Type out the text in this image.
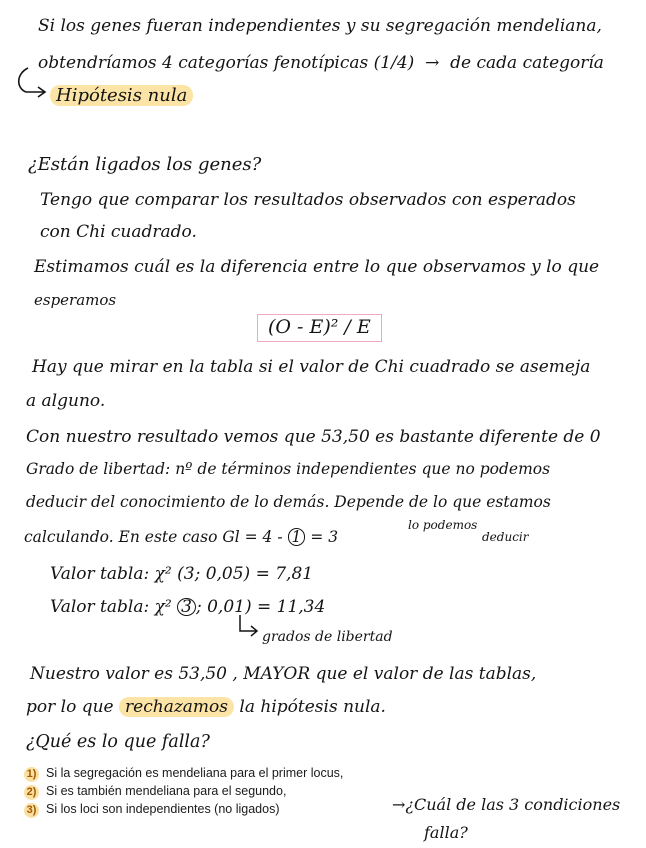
Si los genes fueran independientes y su segregación mendeliana,
obtendríamos 4 categorías fenotípicas (1/4)  →  de cada categoría
Hipótesis nula
¿Están ligados los genes?
Tengo que comparar los resultados observados con esperados
con Chi cuadrado.
Estimamos cuál es la diferencia entre lo que observamos y lo que
esperamos
(O - E)² / E
Hay que mirar en la tabla si el valor de Chi cuadrado se asemeja
a alguno.
Con nuestro resultado vemos que 53,50 es bastante diferente de 0
Grado de libertad: nº de términos independientes que no podemos
deducir del conocimiento de lo demás. Depende de lo que estamos
calculando. En este caso Gl = 4 - 1 = 3
lo podemos
deducir
Valor tabla: χ² (3; 0,05) = 7,81
Valor tabla: χ² 3 ; 0,01) = 11,34
grados de libertad
Nuestro valor es 53,50 , MAYOR que el valor de las tablas,
por lo que rechazamos la hipótesis nula.
¿Qué es lo que falla?
1) Si la segregación es mendeliana para el primer locus,
2) Si es también mendeliana para el segundo,
3) Si los loci son independientes (no ligados)	→¿Cuál de las 3 condiciones
falla?
